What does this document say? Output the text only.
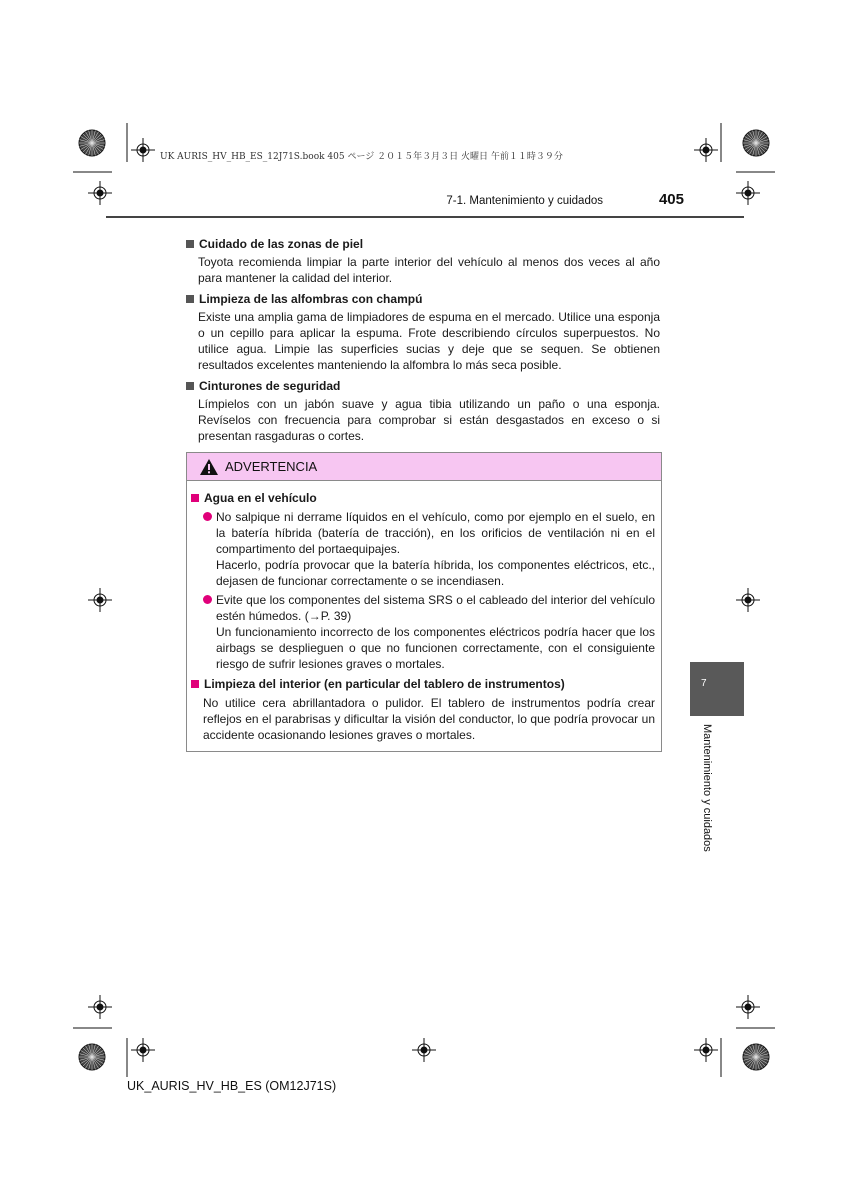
UK AURIS_HV_HB_ES_12J71S.book 405 ページ ２０１５年３月３日 火曜日 午前１１時３９分
7-1. Mantenimiento y cuidados	405
Cuidado de las zonas de piel

Toyota recomienda limpiar la parte interior del vehículo al menos dos veces al año para mantener la calidad del interior.

Limpieza de las alfombras con champú

Existe una amplia gama de limpiadores de espuma en el mercado. Utilice una esponja o un cepillo para aplicar la espuma. Frote describiendo círculos superpuestos. No utilice agua. Limpie las superficies sucias y deje que se sequen. Se obtienen resultados excelentes manteniendo la alfombra lo más seca posible.

Cinturones de seguridad

Límpielos con un jabón suave y agua tibia utilizando un paño o una esponja. Revíselos con frecuencia para comprobar si están desgastados en exceso o si presentan rasgaduras o cortes.

ADVERTENCIA
Agua en el vehículo

No salpique ni derrame líquidos en el vehículo, como por ejemplo en el suelo, en la batería híbrida (batería de tracción), en los orificios de ventilación ni en el compartimento del portaequipajes.

Hacerlo, podría provocar que la batería híbrida, los componentes eléctricos, etc., dejasen de funcionar correctamente o se incendiasen.

Evite que los componentes del sistema SRS o el cableado del interior del vehículo estén húmedos. (→P. 39)

Un funcionamiento incorrecto de los componentes eléctricos podría hacer que los airbags se desplieguen o que no funcionen correctamente, con el consiguiente riesgo de sufrir lesiones graves o mortales.

Limpieza del interior (en particular del tablero de instrumentos)

No utilice cera abrillantadora o pulidor. El tablero de instrumentos podría crear reflejos en el parabrisas y dificultar la visión del conductor, lo que podría provocar un accidente ocasionando lesiones graves o mortales.

7
Mantenimiento y cuidados
UK_AURIS_HV_HB_ES (OM12J71S)
